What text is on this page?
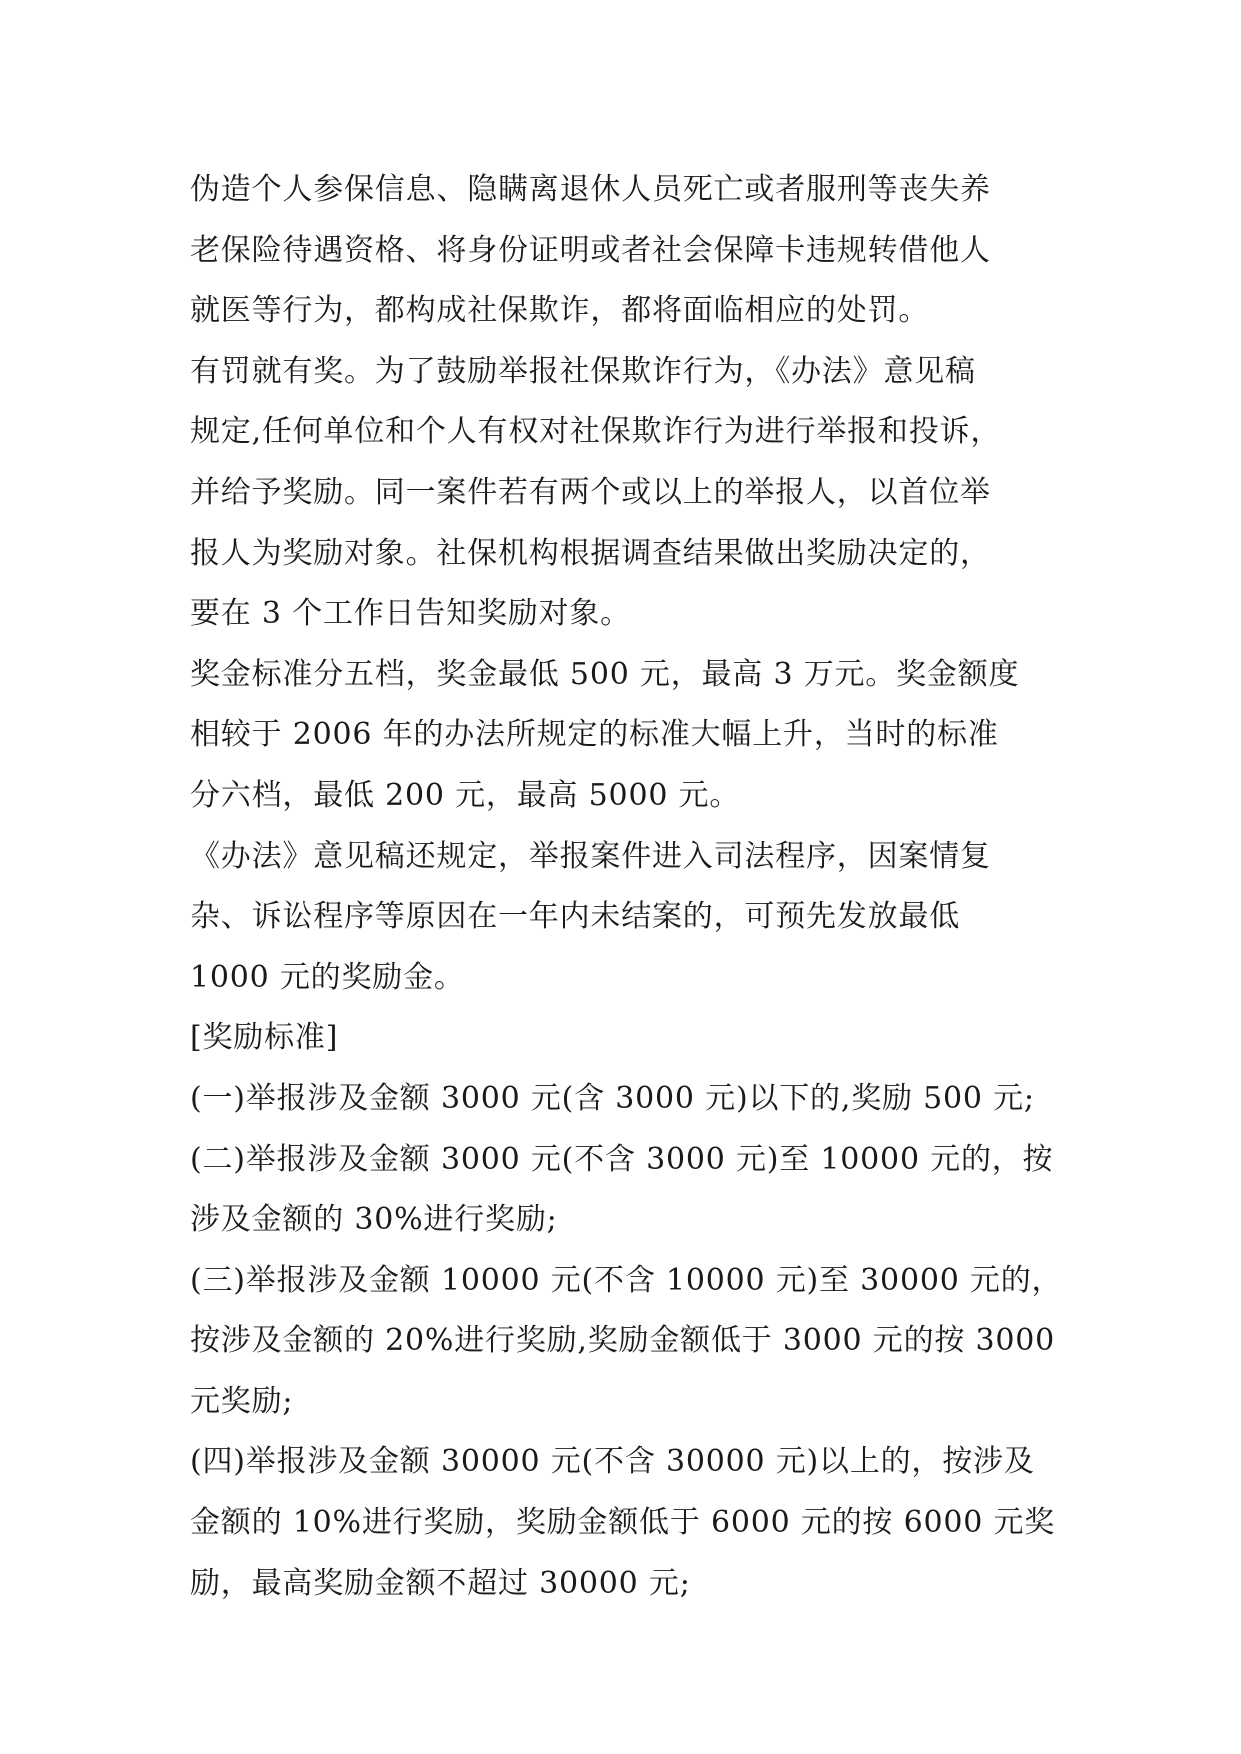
伪造个人参保信息、隐瞒离退休人员死亡或者服刑等丧失养
老保险待遇资格、将身份证明或者社会保障卡违规转借他人
就医等行为，都构成社保欺诈，都将面临相应的处罚。
有罚就有奖。为了鼓励举报社保欺诈行为，《办法》意见稿
规定,任何单位和个人有权对社保欺诈行为进行举报和投诉，
并给予奖励。同一案件若有两个或以上的举报人，以首位举
报人为奖励对象。社保机构根据调查结果做出奖励决定的，
要在 3 个工作日告知奖励对象。
奖金标准分五档，奖金最低 500 元，最高 3 万元。奖金额度
相较于 2006 年的办法所规定的标准大幅上升，当时的标准
分六档，最低 200 元，最高 5000 元。
《办法》意见稿还规定，举报案件进入司法程序，因案情复
杂、诉讼程序等原因在一年内未结案的，可预先发放最低
1000 元的奖励金。
[奖励标准]
(一)举报涉及金额 3000 元(含 3000 元)以下的,奖励 500 元;
(二)举报涉及金额 3000 元(不含 3000 元)至 10000 元的，按
涉及金额的 30%进行奖励;
(三)举报涉及金额 10000 元(不含 10000 元)至 30000 元的，
按涉及金额的 20%进行奖励,奖励金额低于 3000 元的按 3000
元奖励;
(四)举报涉及金额 30000 元(不含 30000 元)以上的，按涉及
金额的 10%进行奖励，奖励金额低于 6000 元的按 6000 元奖
励，最高奖励金额不超过 30000 元;
